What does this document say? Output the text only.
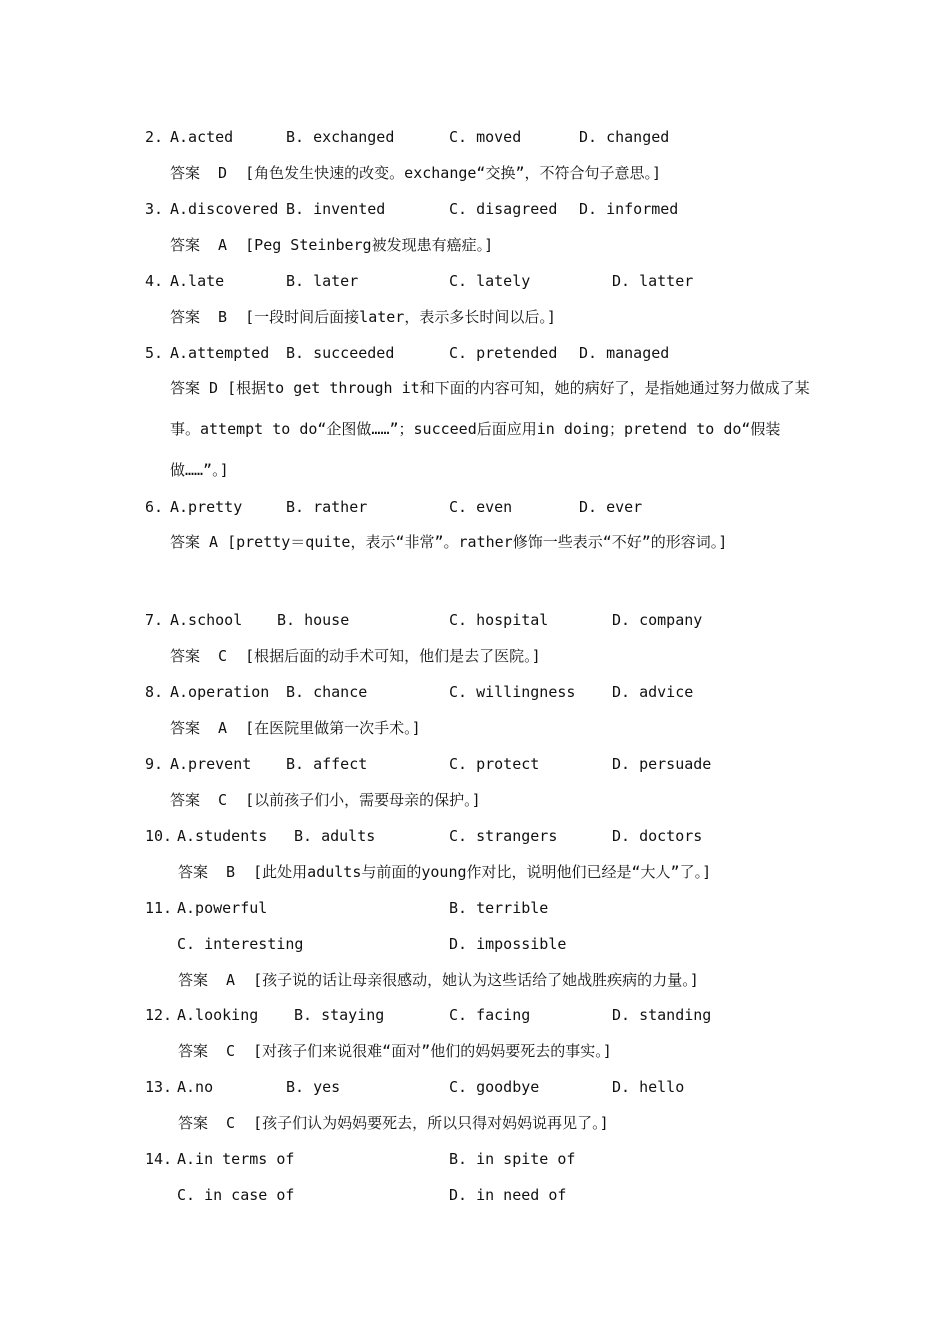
2. A.acted	B. exchanged	C. moved	D. changed
答案  D  [角色发生快速的改变。exchange“交换”，不符合句子意思。]
3. A.discovered B. invented	C. disagreed D. informed
答案  A  [Peg Steinberg被发现患有癌症。]
4. A.late	B. later	C. lately	D. latter
答案  B  [一段时间后面接later，表示多长时间以后。]
5. A.attempted B. succeeded	C. pretended D. managed
答案 D [根据to get through it和下面的内容可知，她的病好了，是指她通过努力做成了某事。attempt to do“企图做……”；succeed后面应用in doing；pretend to do“假装做……”。]
6. A.pretty	B. rather	C. even	D. ever
答案 A [pretty＝quite，表示“非常”。rather修饰一些表示“不好”的形容词。]
7. A.school B. house	C. hospital	D. company
答案  C  [根据后面的动手术可知，他们是去了医院。]
8. A.operation B. chance	C. willingness D. advice
答案  A  [在医院里做第一次手术。]
9. A.prevent B. affect	C. protect	D. persuade
答案  C  [以前孩子们小，需要母亲的保护。]
10. A.students B. adults	C. strangers	D. doctors
答案  B  [此处用adults与前面的young作对比，说明他们已经是“大人”了。]
11. A.powerful	B. terrible
C. interesting	D. impossible
答案  A  [孩子说的话让母亲很感动，她认为这些话给了她战胜疾病的力量。]
12. A.looking B. staying	C. facing	D. standing
答案  C  [对孩子们来说很难“面对”他们的妈妈要死去的事实。]
13. A.no	B. yes	C. goodbye	D. hello
答案  C  [孩子们认为妈妈要死去，所以只得对妈妈说再见了。]
14. A.in terms of	B. in spite of
C. in case of	D. in need of
